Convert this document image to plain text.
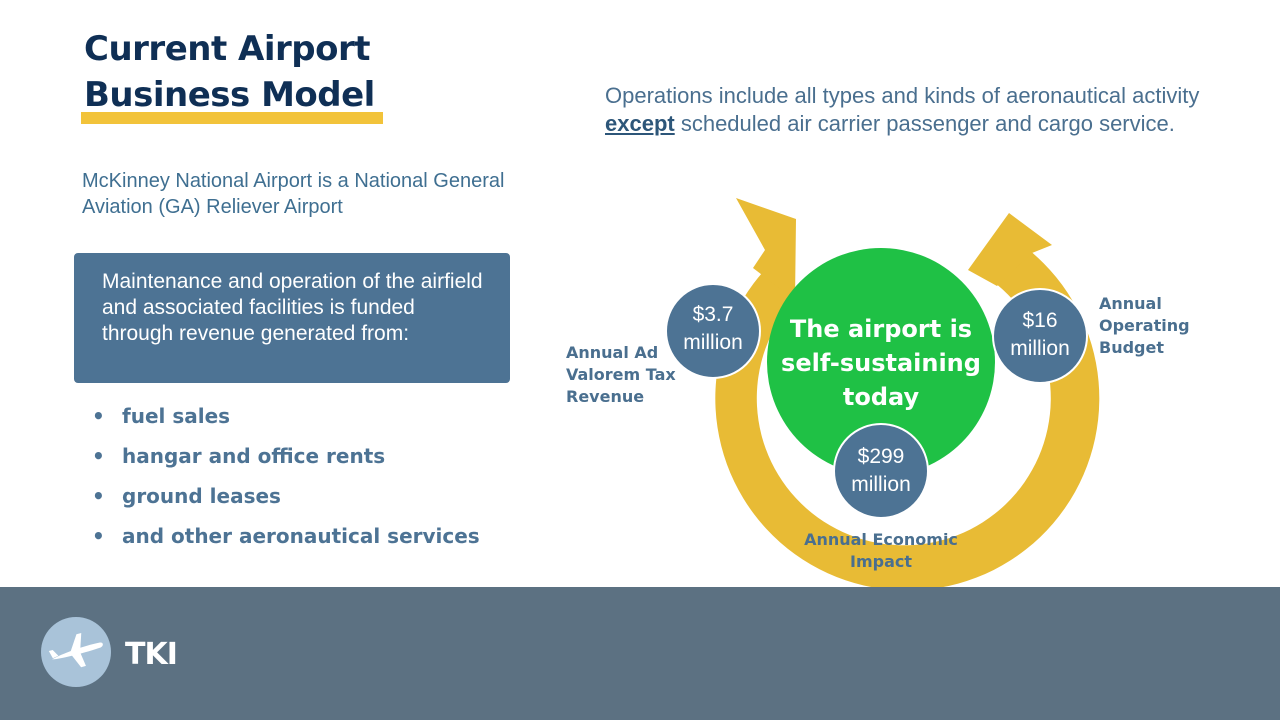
Current Airport
Business Model
McKinney National Airport is a National General Aviation (GA) Reliever Airport
Maintenance and operation of the airfield and associated facilities is funded through revenue generated from:
• fuel sales
• hangar and office rents
• ground leases
• and other aeronautical services
Operations include all types and kinds of aeronautical activity except scheduled air carrier passenger and cargo service.
The airport is
self-sustaining
today
$3.7
million
$16
million
$299
million
Annual Ad
Valorem Tax
Revenue
Annual
Operating
Budget
Annual Economic
Impact
TKI
